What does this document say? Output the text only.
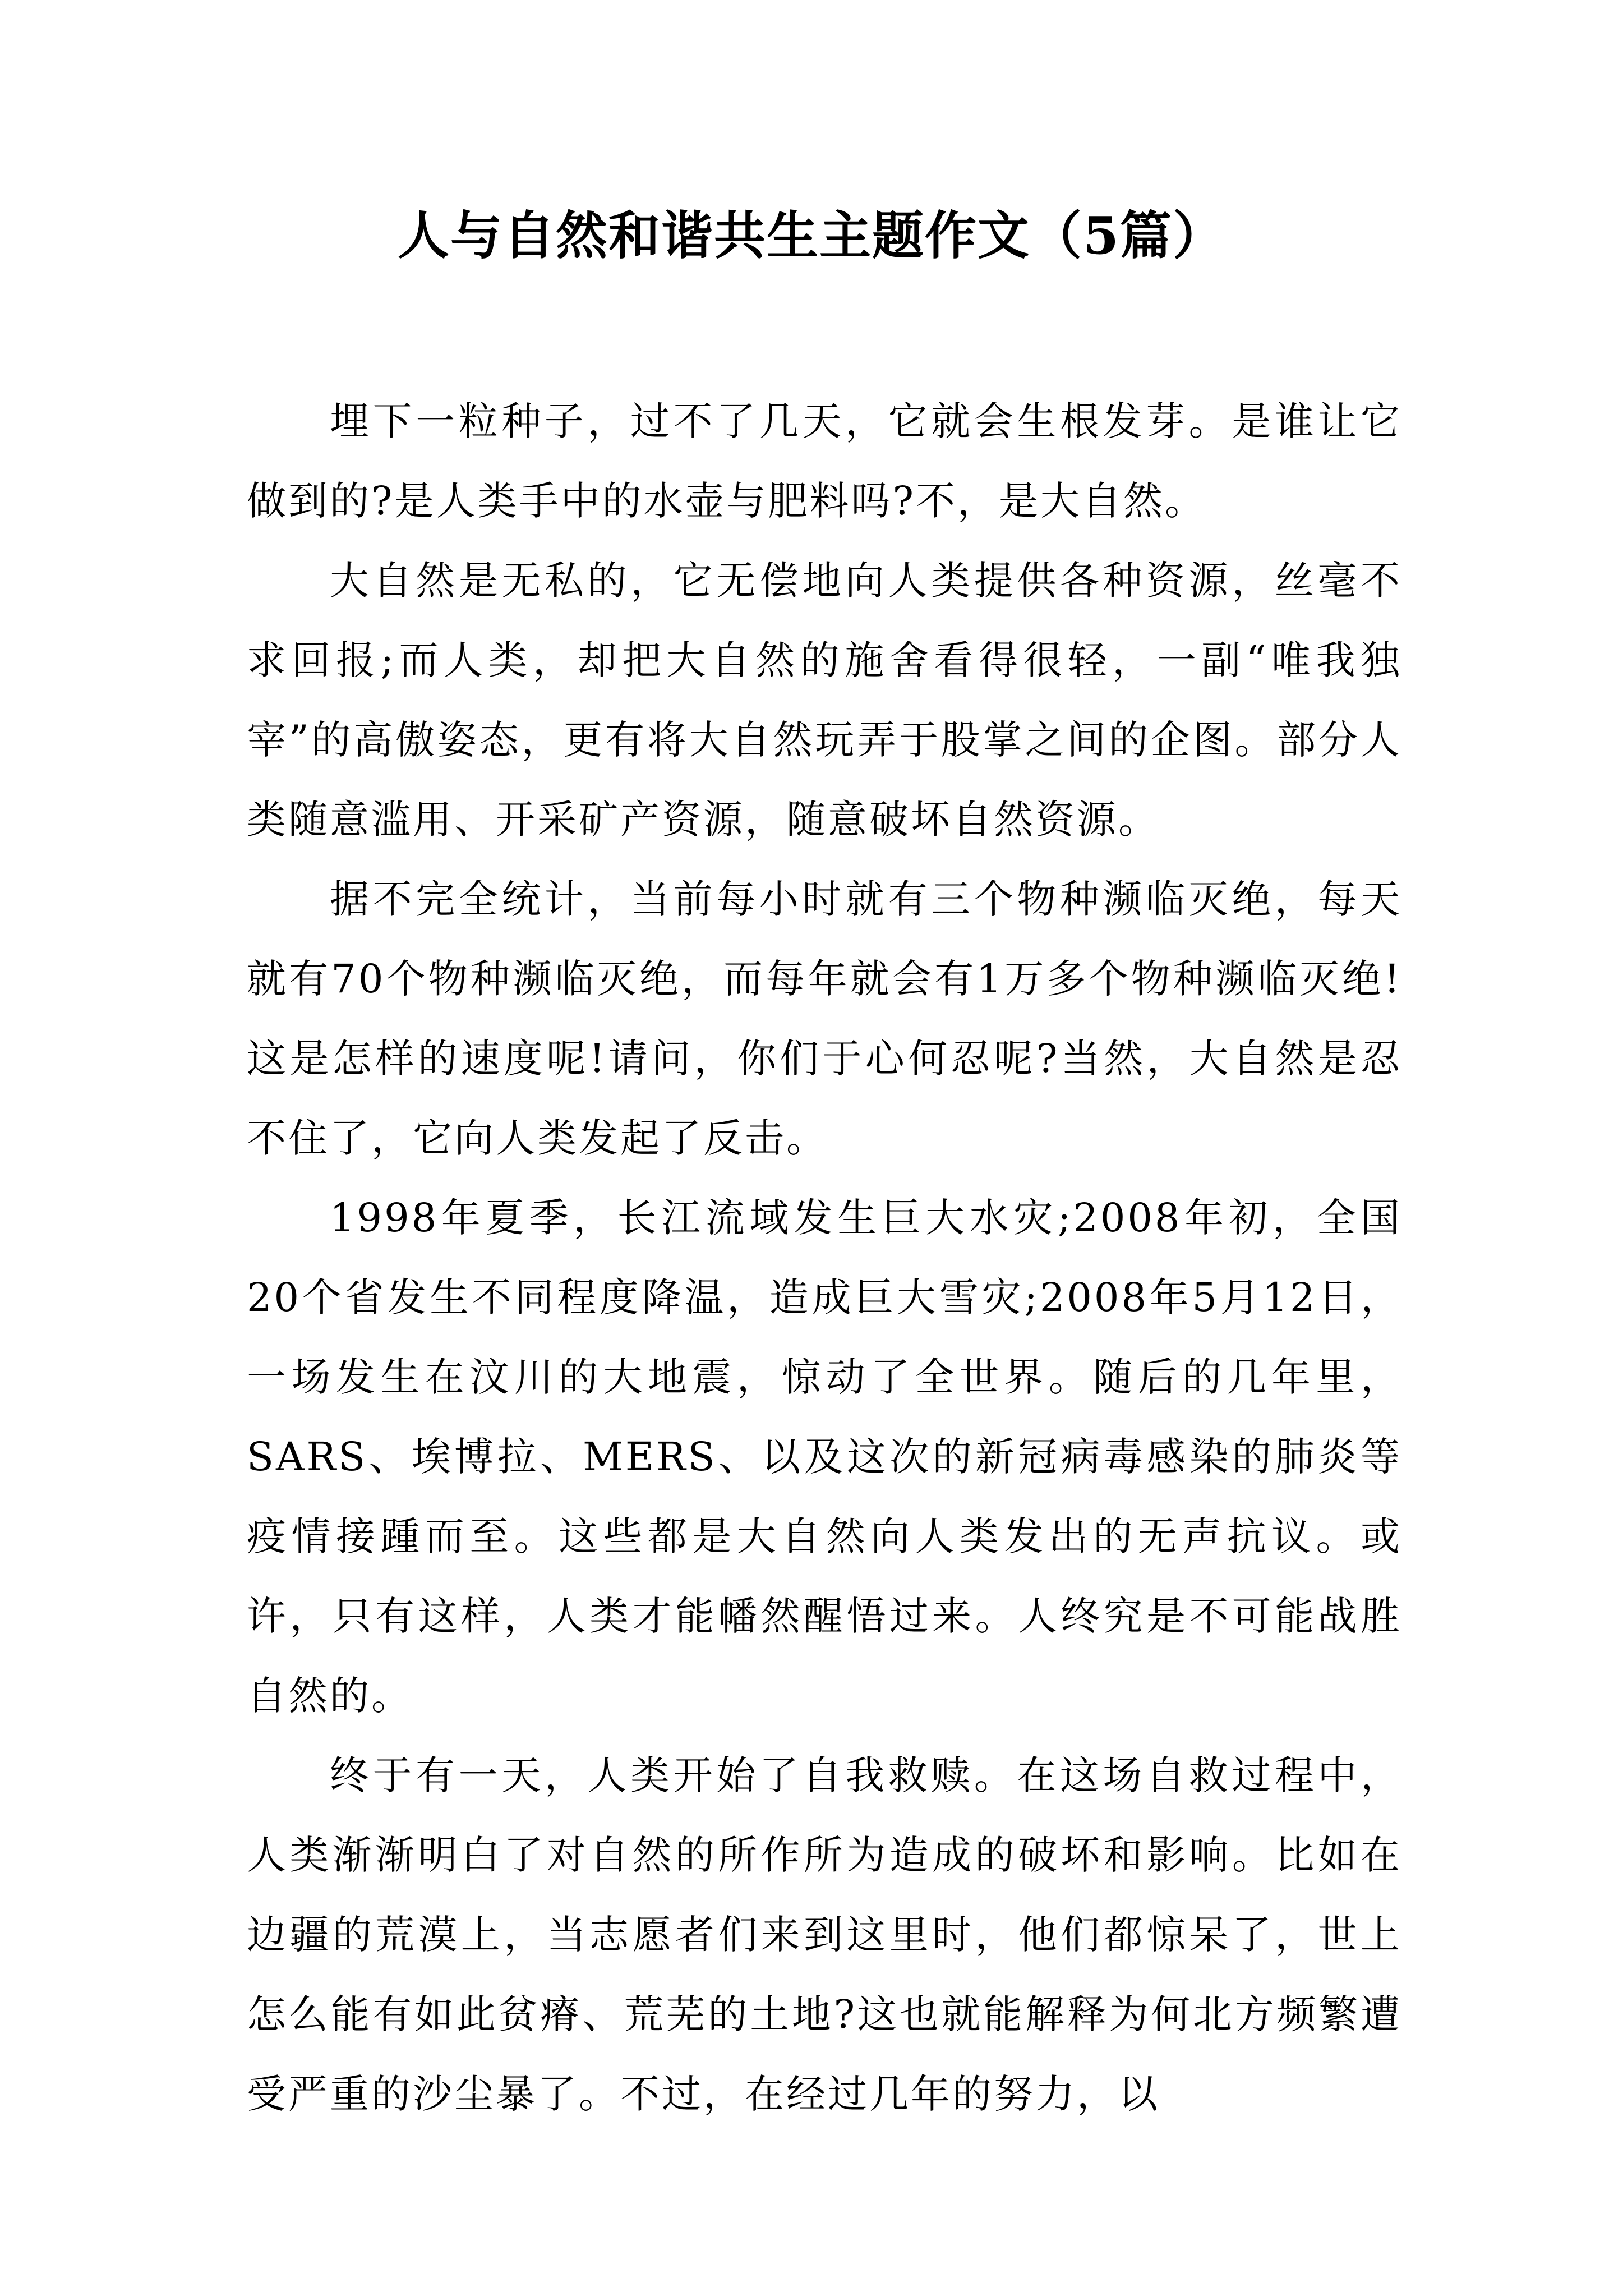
人与自然和谐共生主题作文（5篇）

埋下一粒种子，过不了几天，它就会生根发芽。是谁让它做到的?是人类手中的水壶与肥料吗?不，是大自然。

大自然是无私的，它无偿地向人类提供各种资源，丝毫不求回报;而人类，却把大自然的施舍看得很轻，一副“唯我独宰”的高傲姿态，更有将大自然玩弄于股掌之间的企图。部分人类随意滥用、开采矿产资源，随意破坏自然资源。

据不完全统计，当前每小时就有三个物种濒临灭绝，每天就有70个物种濒临灭绝，而每年就会有1万多个物种濒临灭绝!这是怎样的速度呢!请问，你们于心何忍呢?当然，大自然是忍不住了，它向人类发起了反击。

1998年夏季，长江流域发生巨大水灾;2008年初，全国20个省发生不同程度降温，造成巨大雪灾;2008年5月12日，一场发生在汶川的大地震，惊动了全世界。随后的几年里，SARS、埃博拉、MERS、以及这次的新冠病毒感染的肺炎等疫情接踵而至。这些都是大自然向人类发出的无声抗议。或许，只有这样，人类才能幡然醒悟过来。人终究是不可能战胜自然的。

终于有一天，人类开始了自我救赎。在这场自救过程中，人类渐渐明白了对自然的所作所为造成的破坏和影响。比如在边疆的荒漠上，当志愿者们来到这里时，他们都惊呆了，世上怎么能有如此贫瘠、荒芜的土地?这也就能解释为何北方频繁遭受严重的沙尘暴了。不过，在经过几年的努力，以
